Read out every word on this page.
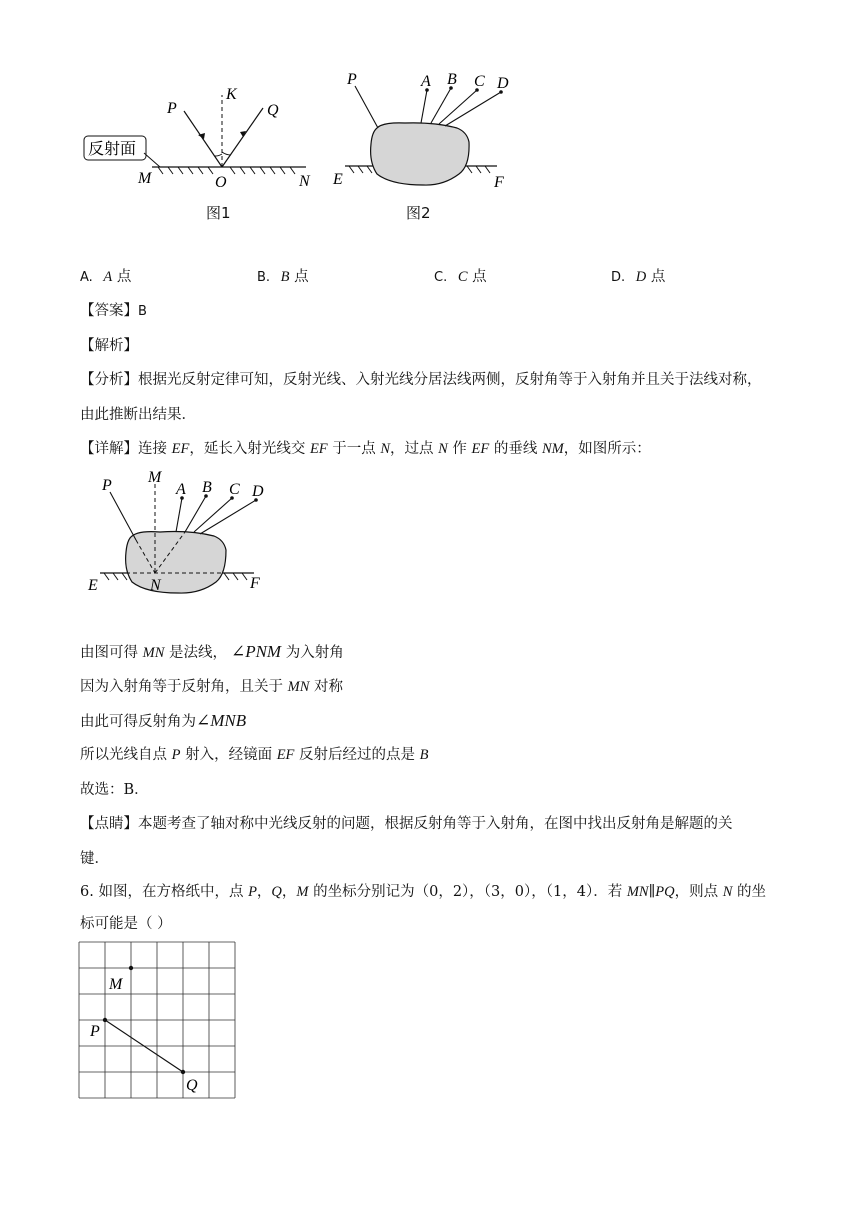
反射面
P
K
Q
M	O	N
图1
P	A B C D
E	F
图2
A. A 点	B. B 点	C. C 点	D. D 点
【答案】B
【解析】
【分析】根据光反射定律可知，反射光线、入射光线分居法线两侧，反射角等于入射角并且关于法线对称，
由此推断出结果．
【详解】连接 EF，延长入射光线交 EF 于一点 N，过点 N 作 EF 的垂线 NM，如图所示：
P M
A B C D
E	N	F
由图可得 MN 是法线， ∠PNM 为入射角
因为入射角等于反射角，且关于 MN 对称
由此可得反射角为∠MNB
所以光线自点 P 射入，经镜面 EF 反射后经过的点是 B
故选：B．
【点睛】本题考查了轴对称中光线反射的问题，根据反射角等于入射角，在图中找出反射角是解题的关
键．
6. 如图，在方格纸中，点 P，Q，M 的坐标分别记为（0，2），（3，0），（1，4）．若 MN∥PQ，则点 N 的坐
标可能是（ ）
M
P
Q
